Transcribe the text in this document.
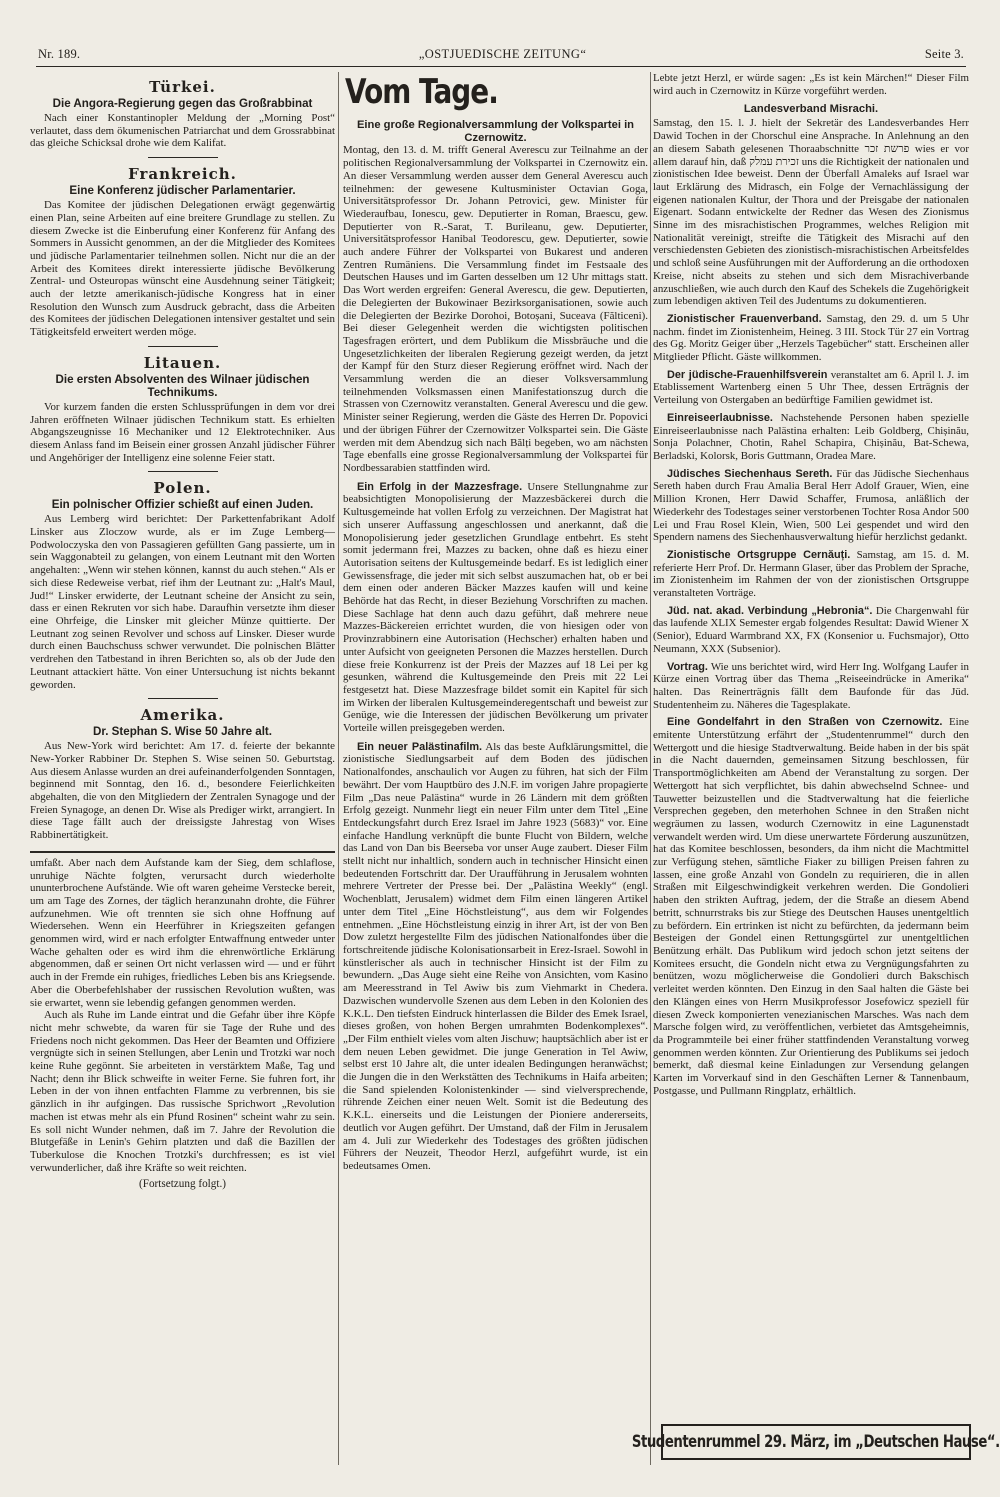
Nr. 189.	„OSTJUEDISCHE ZEITUNG“	Seite 3.
Türkei.
Die Angora-Regierung gegen das Großrabbinat

Nach einer Konstantinopler Meldung der „Morning Post“ verlautet, dass dem ökumenischen Patriarchat und dem Grossrabbinat das gleiche Schicksal drohe wie dem Kalifat.

Frankreich.
Eine Konferenz jüdischer Parlamentarier.

Das Komitee der jüdischen Delegationen erwägt gegenwärtig einen Plan, seine Arbeiten auf eine breitere Grundlage zu stellen. Zu diesem Zwecke ist die Einberufung einer Konferenz für Anfang des Sommers in Aussicht genommen, an der die Mitglieder des Komitees und jüdische Parlamentarier teilnehmen sollen. Nicht nur die an der Arbeit des Komitees direkt interessierte jüdische Bevölkerung Zentral- und Osteuropas wünscht eine Ausdehnung seiner Tätigkeit; auch der letzte amerikanisch-jüdische Kongress hat in einer Resolution den Wunsch zum Ausdruck gebracht, dass die Arbeiten des Komitees der jüdischen Delegationen intensiver gestaltet und sein Tätigkeitsfeld erweitert werden möge.

Litauen.
Die ersten Absolventen des Wilnaer jüdischen Technikums.

Vor kurzem fanden die ersten Schlussprüfungen in dem vor drei Jahren eröffneten Wilnaer jüdischen Technikum statt. Es erhielten Abgangszeugnisse 16 Mechaniker und 12 Elektrotechniker. Aus diesem Anlass fand im Beisein einer grossen Anzahl jüdischer Führer und Angehöriger der Intelligenz eine solenne Feier statt.

Polen.
Ein polnischer Offizier schießt auf einen Juden.

Aus Lemberg wird berichtet: Der Parkettenfabrikant Adolf Linsker aus Zloczow wurde, als er im Zuge Lemberg—Podwoloczyska den von Passagieren gefüllten Gang passierte, um in sein Waggonabteil zu gelangen, von einem Leutnant mit den Worten angehalten: „Wenn wir stehen können, kannst du auch stehen.“ Als er sich diese Redeweise verbat, rief ihm der Leutnant zu: „Halt's Maul, Jud!“ Linsker erwiderte, der Leutnant scheine der Ansicht zu sein, dass er einen Rekruten vor sich habe. Daraufhin versetzte ihm dieser eine Ohrfeige, die Linsker mit gleicher Münze quittierte. Der Leutnant zog seinen Revolver und schoss auf Linsker. Dieser wurde durch einen Bauchschuss schwer verwundet. Die polnischen Blätter verdrehen den Tatbestand in ihren Berichten so, als ob der Jude den Leutnant attackiert hätte. Von einer Untersuchung ist nichts bekannt geworden.

Amerika.
Dr. Stephan S. Wise 50 Jahre alt.

Aus New-York wird berichtet: Am 17. d. feierte der bekannte New-Yorker Rabbiner Dr. Stephen S. Wise seinen 50. Geburtstag. Aus diesem Anlasse wurden an drei aufeinanderfolgenden Sonntagen, beginnend mit Sonntag, den 16. d., besondere Feierlichkeiten abgehalten, die von den Mitgliedern der Zentralen Synagoge und der Freien Synagoge, an denen Dr. Wise als Prediger wirkt, arrangiert. In diese Tage fällt auch der dreissigste Jahrestag von Wises Rabbinertätigkeit.

umfaßt. Aber nach dem Aufstande kam der Sieg, dem schlaflose, unruhige Nächte folgten, verursacht durch wiederholte ununterbrochene Aufstände. Wie oft waren geheime Verstecke bereit, um am Tage des Zornes, der täglich heranzunahn drohte, die Führer aufzunehmen. Wie oft trennten sie sich ohne Hoffnung auf Wiedersehen. Wenn ein Heerführer in Kriegszeiten gefangen genommen wird, wird er nach erfolgter Entwaffnung entweder unter Wache gehalten oder es wird ihm die ehrenwörtliche Erklärung abgenommen, daß er seinen Ort nicht verlassen wird — und er führt auch in der Fremde ein ruhiges, friedliches Leben bis ans Kriegsende. Aber die Oberbefehlshaber der russischen Revolution wußten, was sie erwartet, wenn sie lebendig gefangen genommen werden.

Auch als Ruhe im Lande eintrat und die Gefahr über ihre Köpfe nicht mehr schwebte, da waren für sie Tage der Ruhe und des Friedens noch nicht gekommen. Das Heer der Beamten und Offiziere vergnügte sich in seinen Stellungen, aber Lenin und Trotzki war noch keine Ruhe gegönnt. Sie arbeiteten in verstärktem Maße, Tag und Nacht; denn ihr Blick schweifte in weiter Ferne. Sie fuhren fort, ihr Leben in der von ihnen entfachten Flamme zu verbrennen, bis sie gänzlich in ihr aufgingen. Das russische Sprichwort „Revolution machen ist etwas mehr als ein Pfund Rosinen“ scheint wahr zu sein. Es soll nicht Wunder nehmen, daß im 7. Jahre der Revolution die Blutgefäße in Lenin's Gehirn platzten und daß die Bazillen der Tuberkulose die Knochen Trotzki's durchfressen; es ist viel verwunderlicher, daß ihre Kräfte so weit reichten.

(Fortsetzung folgt.)
Vom Tage.
Eine große Regionalversammlung der Volkspartei in Czernowitz.

Montag, den 13. d. M. trifft General Averescu zur Teilnahme an der politischen Regionalversammlung der Volkspartei in Czernowitz ein. An dieser Versammlung werden ausser dem General Averescu auch teilnehmen: der gewesene Kultusminister Octavian Goga, Universitätsprofessor Dr. Johann Petrovici, gew. Minister für Wiederaufbau, Ionescu, gew. Deputierter in Roman, Braescu, gew. Deputierter von R.-Sarat, T. Burileanu, gew. Deputierter, Universitätsprofessor Hanibal Teodorescu, gew. Deputierter, sowie auch andere Führer der Volkspartei von Bukarest und anderen Zentren Rumäniens. Die Versammlung findet im Festsaale des Deutschen Hauses und im Garten desselben um 12 Uhr mittags statt. Das Wort werden ergreifen: General Averescu, die gew. Deputierten, die Delegierten der Bukowinaer Bezirksorganisationen, sowie auch die Delegierten der Bezirke Dorohoi, Botoșani, Suceava (Fălticeni). Bei dieser Gelegenheit werden die wichtigsten politischen Tagesfragen erörtert, und dem Publikum die Missbräuche und die Ungesetzlichkeiten der liberalen Regierung gezeigt werden, da jetzt der Kampf für den Sturz dieser Regierung eröffnet wird. Nach der Versammlung werden die an dieser Volksversammlung teilnehmenden Volksmassen einen Manifestationszug durch die Strassen von Czernowitz veranstalten. General Averescu und die gew. Minister seiner Regierung, werden die Gäste des Herren Dr. Popovici und der übrigen Führer der Czernowitzer Volkspartei sein. Die Gäste werden mit dem Abendzug sich nach Bălți begeben, wo am nächsten Tage ebenfalls eine grosse Regionalversammlung der Volkspartei für Nordbessarabien stattfinden wird.

Ein Erfolg in der Mazzesfrage. Unsere Stellungnahme zur beabsichtigten Monopolisierung der Mazzesbäckerei durch die Kultusgemeinde hat vollen Erfolg zu verzeichnen. Der Magistrat hat sich unserer Auffassung angeschlossen und anerkannt, daß die Monopolisierung jeder gesetzlichen Grundlage entbehrt. Es steht somit jedermann frei, Mazzes zu backen, ohne daß es hiezu einer Autorisation seitens der Kultusgemeinde bedarf. Es ist lediglich einer Gewissensfrage, die jeder mit sich selbst auszumachen hat, ob er bei dem einen oder anderen Bäcker Mazzes kaufen will und keine Behörde hat das Recht, in dieser Beziehung Vorschriften zu machen. Diese Sachlage hat denn auch dazu geführt, daß mehrere neue Mazzes-Bäckereien errichtet wurden, die von hiesigen oder von Provinzrabbinern eine Autorisation (Hechscher) erhalten haben und unter Aufsicht von geeigneten Personen die Mazzes herstellen. Durch diese freie Konkurrenz ist der Preis der Mazzes auf 18 Lei per kg gesunken, während die Kultusgemeinde den Preis mit 22 Lei festgesetzt hat. Diese Mazzesfrage bildet somit ein Kapitel für sich im Wirken der liberalen Kultusgemeinderegentschaft und beweist zur Genüge, wie die Interessen der jüdischen Bevölkerung um privater Vorteile willen preisgegeben werden.

Ein neuer Palästinafilm. Als das beste Aufklärungsmittel, die zionistische Siedlungsarbeit auf dem Boden des jüdischen Nationalfondes, anschaulich vor Augen zu führen, hat sich der Film bewährt. Der vom Hauptbüro des J.N.F. im vorigen Jahre propagierte Film „Das neue Palästina“ wurde in 26 Ländern mit dem größten Erfolg gezeigt. Nunmehr liegt ein neuer Film unter dem Titel „Eine Entdeckungsfahrt durch Erez Israel im Jahre 1923 (5683)“ vor. Eine einfache Handlung verknüpft die bunte Flucht von Bildern, welche das Land von Dan bis Beerseba vor unser Auge zaubert. Dieser Film stellt nicht nur inhaltlich, sondern auch in technischer Hinsicht einen bedeutenden Fortschritt dar. Der Uraufführung in Jerusalem wohnten mehrere Vertreter der Presse bei. Der „Palästina Weekly“ (engl. Wochenblatt, Jerusalem) widmet dem Film einen längeren Artikel unter dem Titel „Eine Höchstleistung“, aus dem wir Folgendes entnehmen. „Eine Höchstleistung einzig in ihrer Art, ist der von Ben Dow zuletzt hergestellte Film des jüdischen Nationalfondes über die fortschreitende jüdische Kolonisationsarbeit in Erez-Israel. Sowohl in künstlerischer als auch in technischer Hinsicht ist der Film zu bewundern. „Das Auge sieht eine Reihe von Ansichten, vom Kasino am Meeresstrand in Tel Awiw bis zum Viehmarkt in Chedera. Dazwischen wundervolle Szenen aus dem Leben in den Kolonien des K.K.L. Den tiefsten Eindruck hinterlassen die Bilder des Emek Israel, dieses großen, von hohen Bergen umrahmten Bodenkomplexes“. „Der Film enthielt vieles vom alten Jischuw; hauptsächlich aber ist er dem neuen Leben gewidmet. Die junge Generation in Tel Awiw, selbst erst 10 Jahre alt, die unter idealen Bedingungen heranwächst; die Jungen die in den Werkstätten des Technikums in Haifa arbeiten; die Sand spielenden Kolonistenkinder — sind vielversprechende, rührende Zeichen einer neuen Welt. Somit ist die Bedeutung des K.K.L. einerseits und die Leistungen der Pioniere andererseits, deutlich vor Augen geführt. Der Umstand, daß der Film in Jerusalem am 4. Juli zur Wiederkehr des Todestages des größten jüdischen Führers der Neuzeit, Theodor Herzl, aufgeführt wurde, ist ein bedeutsames Omen.

Lebte jetzt Herzl, er würde sagen: „Es ist kein Märchen!“ Dieser Film wird auch in Czernowitz in Kürze vorgeführt werden.

Landesverband Misrachi.

Samstag, den 15. l. J. hielt der Sekretär des Landesverbandes Herr Dawid Tochen in der Chorschul eine Ansprache. In Anlehnung an den an diesem Sabath gelesenen Thoraabschnitte פרשת זכר wies er vor allem darauf hin, daß זכירת עמלק uns die Richtigkeit der nationalen und zionistischen Idee beweist. Denn der Überfall Amaleks auf Israel war laut Erklärung des Midrasch, ein Folge der Vernachlässigung der eigenen nationalen Kultur, der Thora und der Preisgabe der nationalen Eigenart. Sodann entwickelte der Redner das Wesen des Zionismus Sinne im des misrachistischen Programmes, welches Religion mit Nationalität vereinigt, streifte die Tätigkeit des Misrachi auf den verschiedensten Gebieten des zionistisch-misrachistischen Arbeitsfeldes und schloß seine Ausführungen mit der Aufforderung an die orthodoxen Kreise, nicht abseits zu stehen und sich dem Misrachiverbande anzuschließen, wie auch durch den Kauf des Schekels die Zugehörigkeit zum lebendigen aktiven Teil des Judentums zu dokumentieren.

Zionistischer Frauenverband. Samstag, den 29. d. um 5 Uhr nachm. findet im Zionistenheim, Heineg. 3 III. Stock Tür 27 ein Vortrag des Gg. Moritz Geiger über „Herzels Tagebücher“ statt. Erscheinen aller Mitglieder Pflicht. Gäste willkommen.

Der jüdische-Frauenhilfsverein veranstaltet am 6. April l. J. im Etablissement Wartenberg einen 5 Uhr Thee, dessen Erträgnis der Verteilung von Ostergaben an bedürftige Familien gewidmet ist.

Einreiseerlaubnisse. Nachstehende Personen haben spezielle Einreiseerlaubnisse nach Palästina erhalten: Leib Goldberg, Chișinău, Sonja Polachner, Chotin, Rahel Schapira, Chișinău, Bat-Schewa, Berladski, Kolorsk, Boris Guttmann, Oradea Mare.

Jüdisches Siechenhaus Sereth. Für das Jüdische Siechenhaus Sereth haben durch Frau Amalia Beral Herr Adolf Grauer, Wien, eine Million Kronen, Herr Dawid Schaffer, Frumosa, anläßlich der Wiederkehr des Todestages seiner verstorbenen Tochter Rosa Andor 500 Lei und Frau Rosel Klein, Wien, 500 Lei gespendet und wird den Spendern namens des Siechenhausverwaltung hiefür herzlichst gedankt.

Zionistische Ortsgruppe Cernăuți. Samstag, am 15. d. M. referierte Herr Prof. Dr. Hermann Glaser, über das Problem der Sprache, im Zionistenheim im Rahmen der von der zionistischen Ortsgruppe veranstalteten Vorträge.

Jüd. nat. akad. Verbindung „Hebronia“. Die Chargenwahl für das laufende XLIX Semester ergab folgendes Resultat: Dawid Wiener X (Senior), Eduard Warmbrand XX, FX (Konsenior u. Fuchsmajor), Otto Neumann, XXX (Subsenior).

Vortrag. Wie uns berichtet wird, wird Herr Ing. Wolfgang Laufer in Kürze einen Vortrag über das Thema „Reiseeindrücke in Amerika“ halten. Das Reinerträgnis fällt dem Baufonde für das Jüd. Studentenheim zu. Näheres die Tagesplakate.

Eine Gondelfahrt in den Straßen von Czernowitz. Eine emitente Unterstützung erfährt der „Studentenrummel“ durch den Wettergott und die hiesige Stadtverwaltung. Beide haben in der bis spät in die Nacht dauernden, gemeinsamen Sitzung beschlossen, für Transportmöglichkeiten am Abend der Veranstaltung zu sorgen. Der Wettergott hat sich verpflichtet, bis dahin abwechselnd Schnee- und Tauwetter beizustellen und die Stadtverwaltung hat die feierliche Versprechen gegeben, den meterhohen Schnee in den Straßen nicht wegräumen zu lassen, wodurch Czernowitz in eine Lagunenstadt verwandelt werden wird. Um diese unerwartete Förderung auszunützen, hat das Komitee beschlossen, besonders, da ihm nicht die Machtmittel zur Verfügung stehen, sämtliche Fiaker zu billigen Preisen fahren zu lassen, eine große Anzahl von Gondeln zu requirieren, die in allen Straßen mit Eilgeschwindigkeit verkehren werden. Die Gondolieri haben den strikten Auftrag, jedem, der die Straße an diesem Abend betritt, schnurrstraks bis zur Stiege des Deutschen Hauses unentgeltlich zu befördern. Ein ertrinken ist nicht zu befürchten, da jedermann beim Besteigen der Gondel einen Rettungsgürtel zur unentgeltlichen Benützung erhält. Das Publikum wird jedoch schon jetzt seitens der Komitees ersucht, die Gondeln nicht etwa zu Vergnügungsfahrten zu benützen, wozu möglicherweise die Gondolieri durch Bakschisch verleitet werden könnten. Den Einzug in den Saal halten die Gäste bei den Klängen eines von Herrn Musikprofessor Josefowicz speziell für diesen Zweck komponierten venezianischen Marsches. Was nach dem Marsche folgen wird, zu veröffentlichen, verbietet das Amtsgeheimnis, da Programmteile bei einer früher stattfindenden Veranstaltung vorweg genommen werden könnten. Zur Orientierung des Publikums sei jedoch bemerkt, daß diesmal keine Einladungen zur Versendung gelangen Karten im Vorverkauf sind in den Geschäften Lerner & Tannenbaum, Postgasse, und Pullmann Ringplatz, erhältlich.

Studentenrummel 29. März, im „Deutschen Hause“.
